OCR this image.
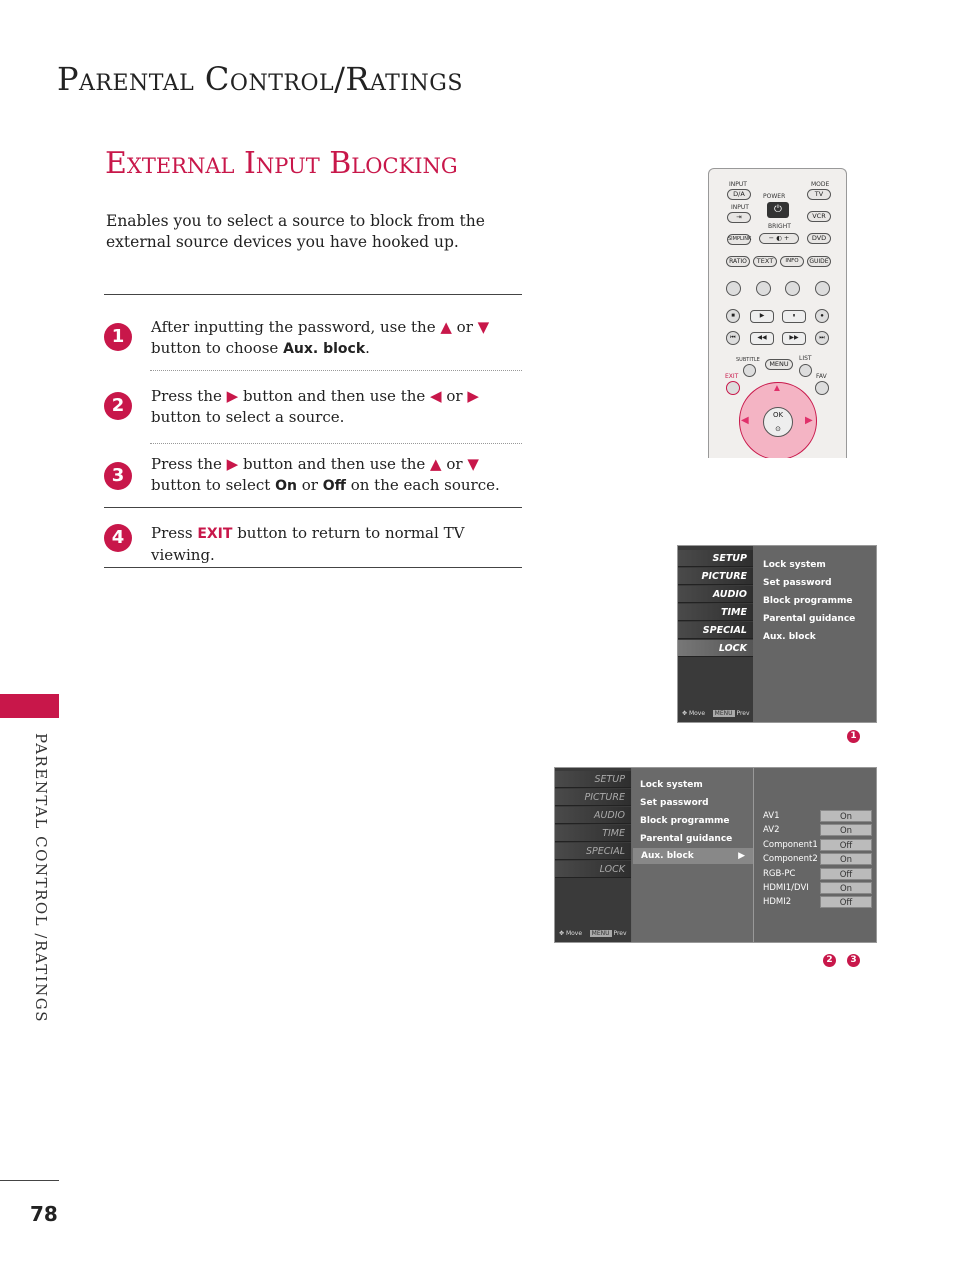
Parental Control/Ratings
External Input Blocking
Enables you to select a source to block from the external source devices you have hooked up.
1	After inputting the password, use the ▲ or ▼ button to choose Aux. block.
2	Press the ▶ button and then use the ◀ or ▶ button to select a source.
3
Press the ▶ button and then use the ▲ or ▼ button to select On or Off on the each source.
4	Press EXIT button to return to normal TV viewing.
PARENTAL CONTROL /RATINGS
78
INPUT
D/A
INPUT
⇥
MODE
TV
POWER
⏻
VCR
BRIGHT
SIMPLINK	− ◐ +	DVD
RATIO	TEXT	INFO	GUIDE
■	▶	⏸	●
⏮	◀◀	▶▶	⏭
SUBTITLE	MENU
LIST
EXIT	FAV
▲
◀	▶
OK
⊙
SETUP
PICTURE
AUDIO
TIME
SPECIAL
LOCK
✥ Move MENU Prev
Lock system
Set password
Block programme
Parental guidance
Aux. block
1
SETUP
PICTURE
AUDIO
TIME
SPECIAL
LOCK
✥ Move MENU Prev
Lock system
Set password
Block programme
Parental guidance
Aux. block	▶
AV1	On
AV2	On
Component1	Off
Component2	On
RGB-PC	Off
HDMI1/DVI	On
HDMI2	Off
2	3
